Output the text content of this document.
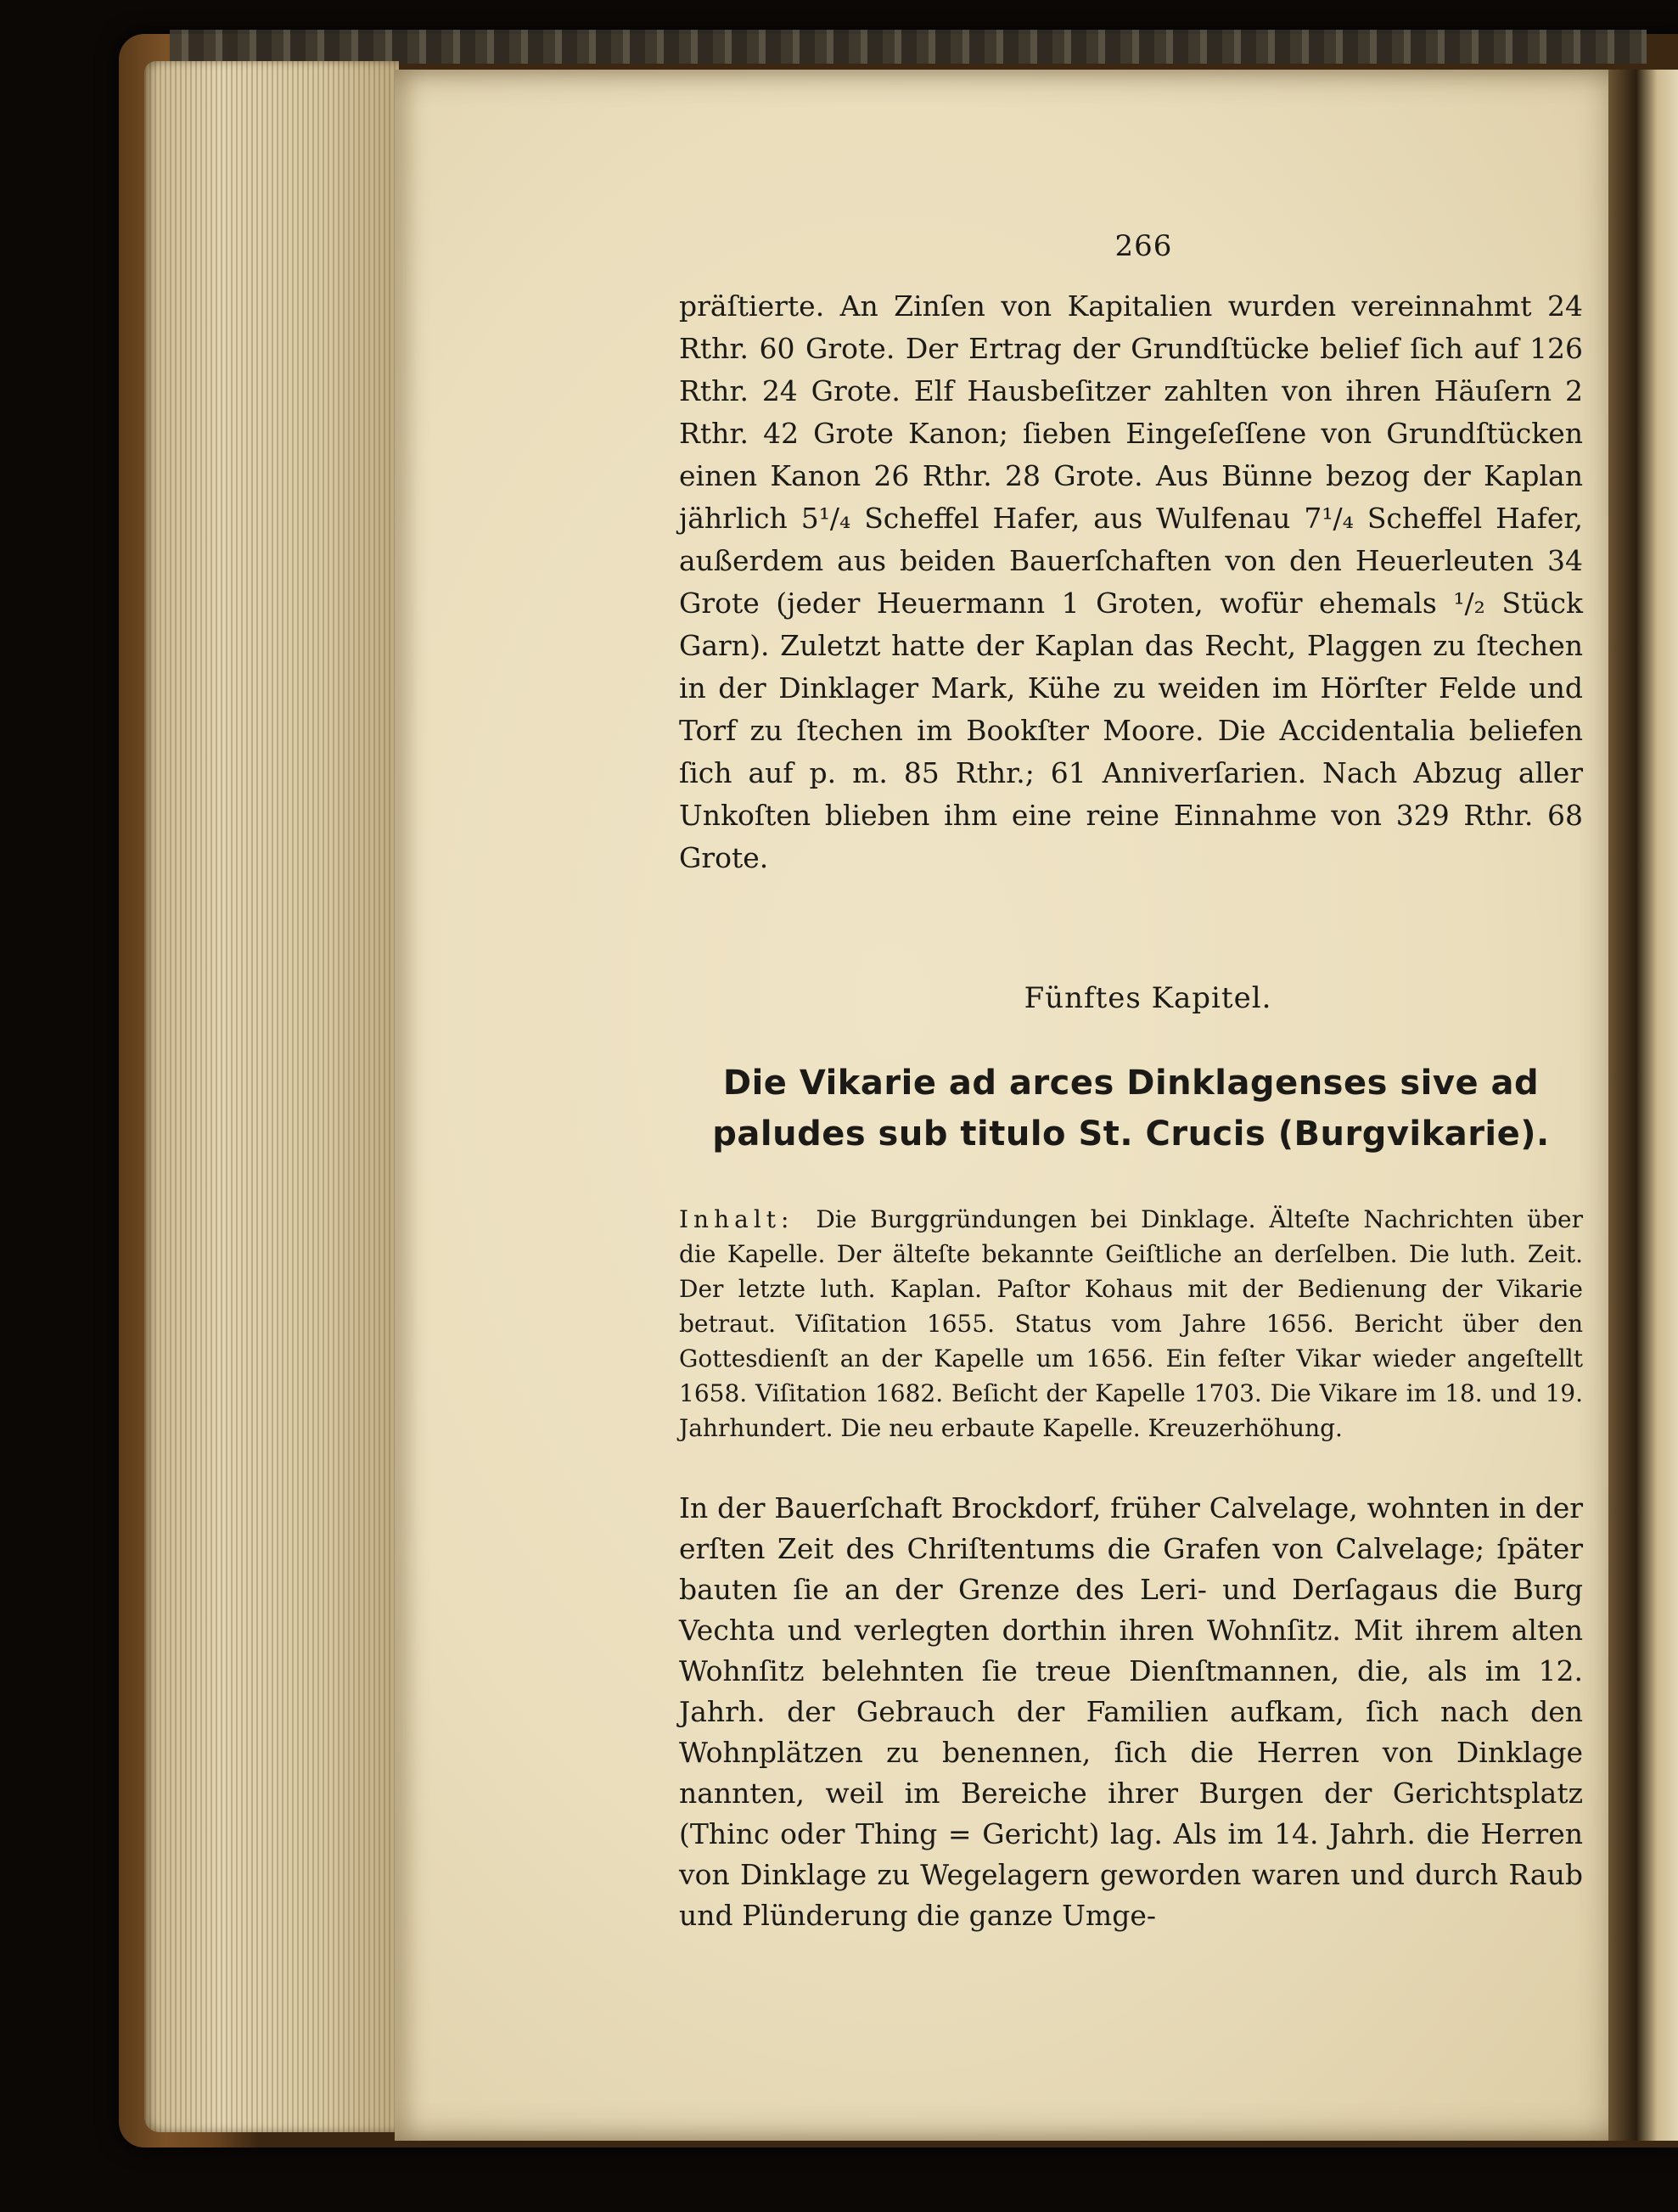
266

präſtierte. An Zinſen von Kapitalien wurden vereinnahmt 24 Rthr. 60 Grote. Der Ertrag der Grundſtücke belief ſich auf 126 Rthr. 24 Grote. Elf Hausbeſitzer zahlten von ihren Häuſern 2 Rthr. 42 Grote Kanon; ſieben Eingeſeſſene von Grundſtücken einen Kanon 26 Rthr. 28 Grote. Aus Bünne bezog der Kaplan jährlich 5¹/₄ Scheffel Hafer, aus Wulfenau 7¹/₄ Scheffel Hafer, außerdem aus beiden Bauerſchaften von den Heuerleuten 34 Grote (jeder Heuermann 1 Groten, wofür ehemals ¹/₂ Stück Garn). Zuletzt hatte der Kaplan das Recht, Plaggen zu ſtechen in der Dinklager Mark, Kühe zu weiden im Hörſter Felde und Torf zu ſtechen im Bookſter Moore. Die Accidentalia beliefen ſich auf p. m. 85 Rthr.; 61 Anniverſarien. Nach Abzug aller Unkoſten blieben ihm eine reine Einnahme von 329 Rthr. 68 Grote.

Fünftes Kapitel.
Die Vikarie ad arces Dinklagenses sive ad paludes sub titulo St. Crucis (Burgvikarie).

Inhalt: Die Burggründungen bei Dinklage. Älteſte Nachrichten über die Kapelle. Der älteſte bekannte Geiſtliche an derſelben. Die luth. Zeit. Der letzte luth. Kaplan. Paſtor Kohaus mit der Bedienung der Vikarie betraut. Viſitation 1655. Status vom Jahre 1656. Bericht über den Gottesdienſt an der Kapelle um 1656. Ein feſter Vikar wieder angeſtellt 1658. Viſitation 1682. Beſicht der Kapelle 1703. Die Vikare im 18. und 19. Jahrhundert. Die neu erbaute Kapelle. Kreuzerhöhung.

In der Bauerſchaft Brockdorf, früher Calvelage, wohnten in der erſten Zeit des Chriſtentums die Grafen von Calvelage; ſpäter bauten ſie an der Grenze des Leri- und Derſagaus die Burg Vechta und verlegten dorthin ihren Wohnſitz. Mit ihrem alten Wohnſitz belehnten ſie treue Dienſtmannen, die, als im 12. Jahrh. der Gebrauch der Familien aufkam, ſich nach den Wohnplätzen zu benennen, ſich die Herren von Dinklage nannten, weil im Bereiche ihrer Burgen der Gerichtsplatz (Thinc oder Thing = Gericht) lag. Als im 14. Jahrh. die Herren von Dinklage zu Wegelagern geworden waren und durch Raub und Plünderung die ganze Umge-
